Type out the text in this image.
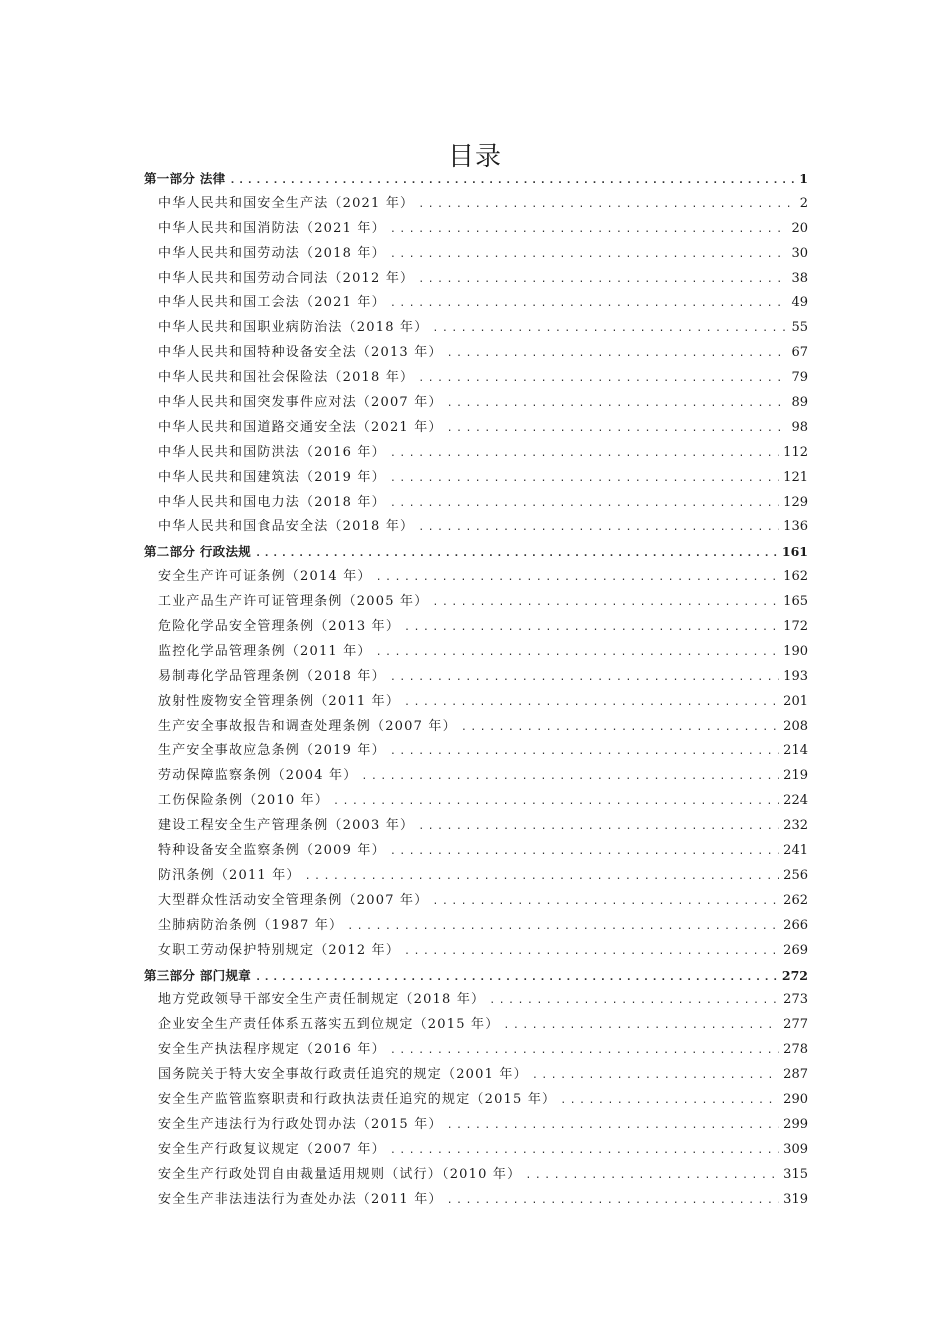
目录
第一部分 法律 .....	1
中华人民共和国安全生产法（2021 年） .....	2
中华人民共和国消防法（2021 年） .....	20
中华人民共和国劳动法（2018 年） .....	30
中华人民共和国劳动合同法（2012 年） .....	38
中华人民共和国工会法（2021 年） .....	49
中华人民共和国职业病防治法（2018 年） .....	55
中华人民共和国特种设备安全法（2013 年） .....	67
中华人民共和国社会保险法（2018 年） .....	79
中华人民共和国突发事件应对法（2007 年） .....	89
中华人民共和国道路交通安全法（2021 年） .....	98
中华人民共和国防洪法（2016 年） .....	112
中华人民共和国建筑法（2019 年） .....	121
中华人民共和国电力法（2018 年） .....	129
中华人民共和国食品安全法（2018 年） .....	136
第二部分 行政法规 .....	161
安全生产许可证条例（2014 年） .....	162
工业产品生产许可证管理条例（2005 年） .....	165
危险化学品安全管理条例（2013 年） .....	172
监控化学品管理条例（2011 年） .....	190
易制毒化学品管理条例（2018 年） .....	193
放射性废物安全管理条例（2011 年） .....	201
生产安全事故报告和调查处理条例（2007 年） .....	208
生产安全事故应急条例（2019 年） .....	214
劳动保障监察条例（2004 年） .....	219
工伤保险条例（2010 年） .....	224
建设工程安全生产管理条例（2003 年） .....	232
特种设备安全监察条例（2009 年） .....	241
防汛条例（2011 年） .....	256
大型群众性活动安全管理条例（2007 年） .....	262
尘肺病防治条例（1987 年） .....	266
女职工劳动保护特别规定（2012 年） .....	269
第三部分 部门规章 .....	272
地方党政领导干部安全生产责任制规定（2018 年） .....	273
企业安全生产责任体系五落实五到位规定（2015 年） .....	277
安全生产执法程序规定（2016 年） .....	278
国务院关于特大安全事故行政责任追究的规定（2001 年） .....	287
安全生产监管监察职责和行政执法责任追究的规定（2015 年） .....	290
安全生产违法行为行政处罚办法（2015 年） .....	299
安全生产行政复议规定（2007 年） .....	309
安全生产行政处罚自由裁量适用规则（试行）（2010 年） .....	315
安全生产非法违法行为查处办法（2011 年） .....	319
